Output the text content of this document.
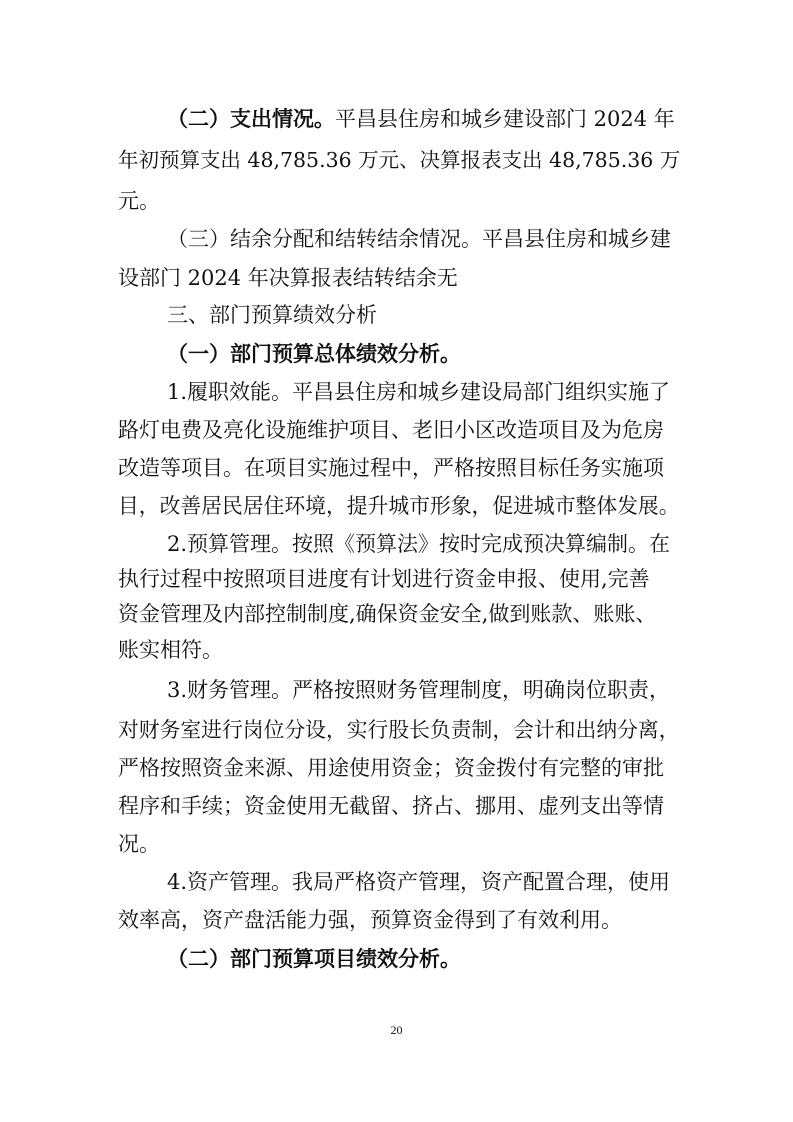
（二）支出情况。平昌县住房和城乡建设部门 2024 年
年初预算支出 48,785.36 万元、决算报表支出 48,785.36 万
元。
（三）结余分配和结转结余情况。平昌县住房和城乡建
设部门 2024 年决算报表结转结余无
三、部门预算绩效分析
（一）部门预算总体绩效分析。
1.履职效能。平昌县住房和城乡建设局部门组织实施了
路灯电费及亮化设施维护项目、老旧小区改造项目及为危房
改造等项目。在项目实施过程中，严格按照目标任务实施项
目，改善居民居住环境，提升城市形象，促进城市整体发展。
2.预算管理。按照《预算法》按时完成预决算编制。在
执行过程中按照项目进度有计划进行资金申报、使用,完善
资金管理及内部控制制度,确保资金安全,做到账款、账账、
账实相符。
3.财务管理。严格按照财务管理制度，明确岗位职责，
对财务室进行岗位分设，实行股长负责制，会计和出纳分离，
严格按照资金来源、用途使用资金；资金拨付有完整的审批
程序和手续；资金使用无截留、挤占、挪用、虚列支出等情
况。
4.资产管理。我局严格资产管理，资产配置合理，使用
效率高，资产盘活能力强，预算资金得到了有效利用。
（二）部门预算项目绩效分析。
20
